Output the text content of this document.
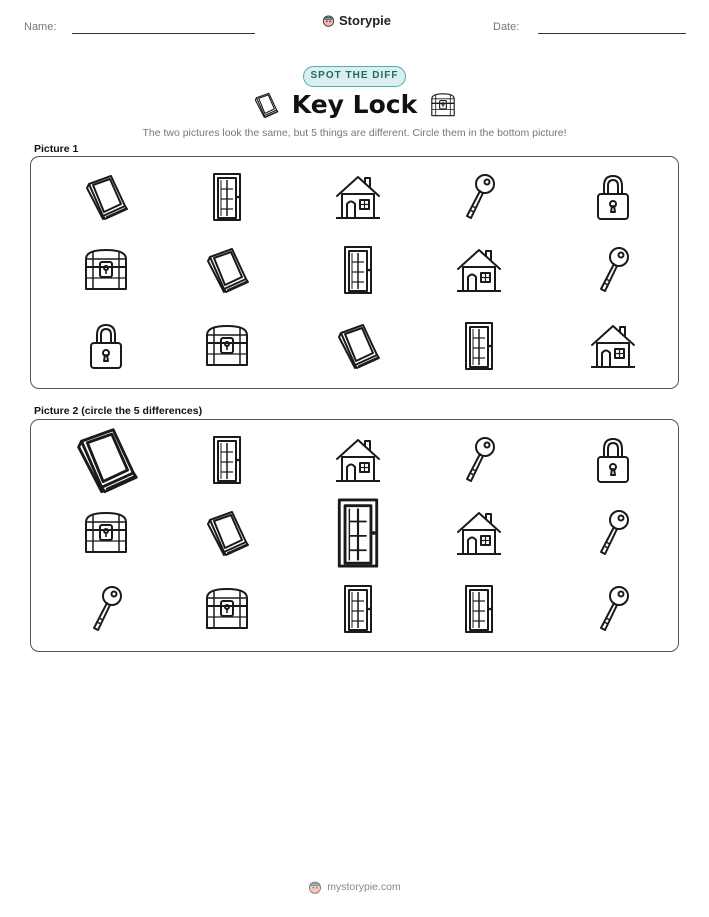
Name:	Storypie	Date:
SPOT THE DIFF
Key Lock
The two pictures look the same, but 5 things are different. Circle them in the bottom picture!
Picture 1
Picture 2 (circle the 5 differences)
mystorypie.com
